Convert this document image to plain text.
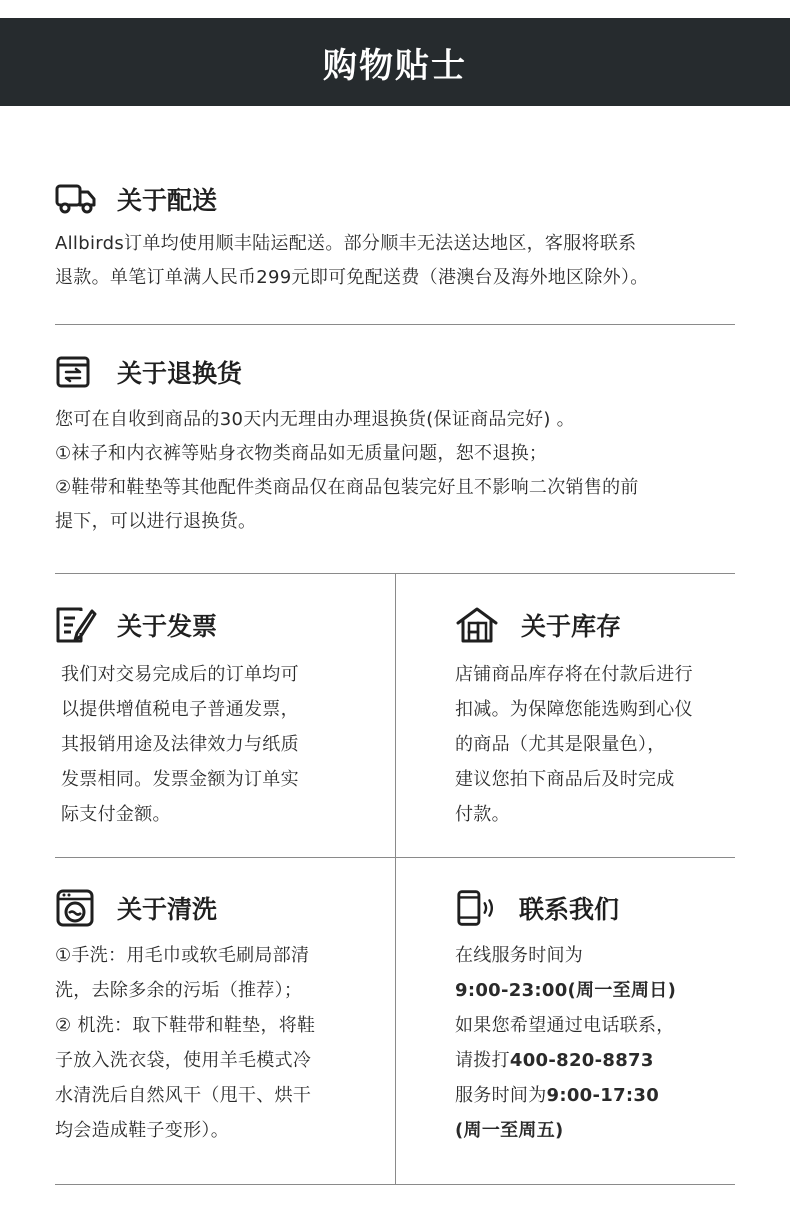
购物贴士
关于配送

Allbirds订单均使用顺丰陆运配送。部分顺丰无法送达地区，客服将联系

退款。单笔订单满人民币299元即可免配送费（港澳台及海外地区除外）。

关于退换货

您可在自收到商品的30天内无理由办理退换货(保证商品完好) 。

①袜子和内衣裤等贴身衣物类商品如无质量问题，恕不退换；

②鞋带和鞋垫等其他配件类商品仅在商品包装完好且不影响二次销售的前

提下，可以进行退换货。

关于发票

我们对交易完成后的订单均可

以提供增值税电子普通发票，

其报销用途及法律效力与纸质

发票相同。发票金额为订单实

际支付金额。

关于库存

店铺商品库存将在付款后进行

扣减。为保障您能选购到心仪

的商品（尤其是限量色），

建议您拍下商品后及时完成

付款。

关于清洗

①手洗：用毛巾或软毛刷局部清

洗，去除多余的污垢（推荐）；

② 机洗：取下鞋带和鞋垫，将鞋

子放入洗衣袋，使用羊毛模式冷

水清洗后自然风干（甩干、烘干

均会造成鞋子变形）。

联系我们

在线服务时间为

9:00-23:00(周一至周日)

如果您希望通过电话联系，

请拨打400-820-8873

服务时间为9:00-17:30

(周一至周五)
